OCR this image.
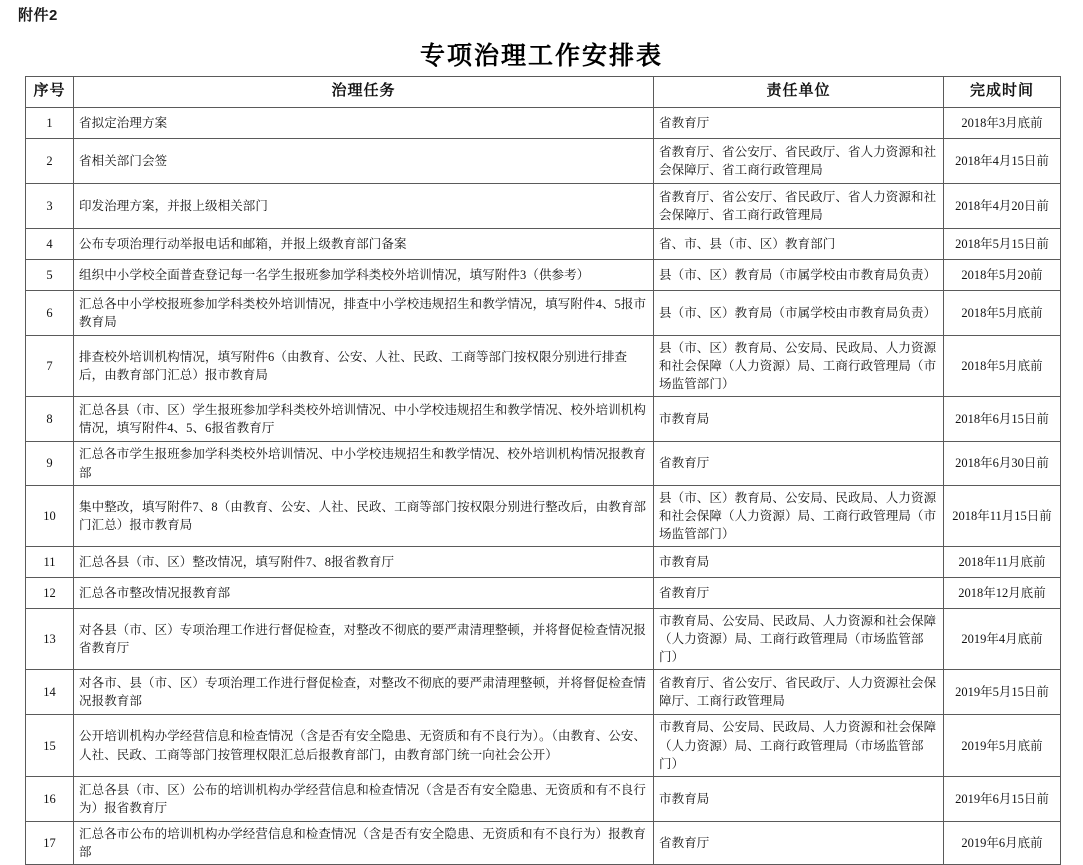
附件2
专项治理工作安排表
序号	治理任务	责任单位	完成时间
1	省拟定治理方案	省教育厅	2018年3月底前
2	省相关部门会签	省教育厅、省公安厅、省民政厅、省人力资源和社会保障厅、省工商行政管理局	2018年4月15日前
3	印发治理方案，并报上级相关部门	省教育厅、省公安厅、省民政厅、省人力资源和社会保障厅、省工商行政管理局	2018年4月20日前
4	公布专项治理行动举报电话和邮箱，并报上级教育部门备案	省、市、县（市、区）教育部门	2018年5月15日前
5	组织中小学校全面普查登记每一名学生报班参加学科类校外培训情况，填写附件3（供参考）	县（市、区）教育局（市属学校由市教育局负责）	2018年5月20前
6	汇总各中小学校报班参加学科类校外培训情况，排查中小学校违规招生和教学情况，填写附件4、5报市教育局	县（市、区）教育局（市属学校由市教育局负责）	2018年5月底前
7	排查校外培训机构情况，填写附件6（由教育、公安、人社、民政、工商等部门按权限分别进行排查后，由教育部门汇总）报市教育局	县（市、区）教育局、公安局、民政局、人力资源和社会保障（人力资源）局、工商行政管理局（市场监管部门）	2018年5月底前
8	汇总各县（市、区）学生报班参加学科类校外培训情况、中小学校违规招生和教学情况、校外培训机构情况，填写附件4、5、6报省教育厅	市教育局	2018年6月15日前
9	汇总各市学生报班参加学科类校外培训情况、中小学校违规招生和教学情况、校外培训机构情况报教育部	省教育厅	2018年6月30日前
10	集中整改，填写附件7、8（由教育、公安、人社、民政、工商等部门按权限分别进行整改后，由教育部门汇总）报市教育局	县（市、区）教育局、公安局、民政局、人力资源和社会保障（人力资源）局、工商行政管理局（市场监管部门）	2018年11月15日前
11	汇总各县（市、区）整改情况，填写附件7、8报省教育厅	市教育局	2018年11月底前
12	汇总各市整改情况报教育部	省教育厅	2018年12月底前
13	对各县（市、区）专项治理工作进行督促检查，对整改不彻底的要严肃清理整顿，并将督促检查情况报省教育厅	市教育局、公安局、民政局、人力资源和社会保障（人力资源）局、工商行政管理局（市场监管部门）	2019年4月底前
14	对各市、县（市、区）专项治理工作进行督促检查，对整改不彻底的要严肃清理整顿，并将督促检查情况报教育部	省教育厅、省公安厅、省民政厅、人力资源社会保障厅、工商行政管理局	2019年5月15日前
15	公开培训机构办学经营信息和检查情况（含是否有安全隐患、无资质和有不良行为）。（由教育、公安、人社、民政、工商等部门按管理权限汇总后报教育部门，由教育部门统一向社会公开）	市教育局、公安局、民政局、人力资源和社会保障（人力资源）局、工商行政管理局（市场监管部门）	2019年5月底前
16	汇总各县（市、区）公布的培训机构办学经营信息和检查情况（含是否有安全隐患、无资质和有不良行为）报省教育厅	市教育局	2019年6月15日前
17	汇总各市公布的培训机构办学经营信息和检查情况（含是否有安全隐患、无资质和有不良行为）报教育部	省教育厅	2019年6月底前
